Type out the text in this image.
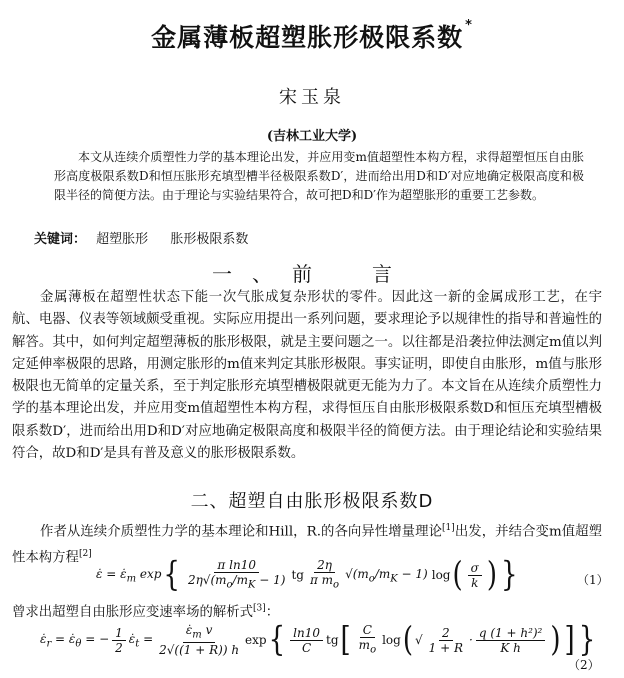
金属薄板超塑胀形极限系数 *
宋玉泉
(吉林工业大学)
本文从连续介质塑性力学的基本理论出发，并应用变m值超塑性本构方程，求得超塑恒压自由胀形高度极限系数D和恒压胀形充填型槽半径极限系数D′，进而给出用D和D′对应地确定极限高度和极限半径的简便方法。由于理论与实验结果符合，故可把D和D′作为超塑胀形的重要工艺参数。
关键词： 超塑胀形 胀形极限系数
一、前　言
金属薄板在超塑性状态下能一次气胀成复杂形状的零件。因此这一新的金属成形工艺，在宇航、电器、仪表等领域颇受重视。实际应用提出一系列问题，要求理论予以规律性的指导和普遍性的解答。其中，如何判定超塑薄板的胀形极限，就是主要问题之一。以往都是沿袭拉伸法测定m值以判定延伸率极限的思路，用测定胀形的m值来判定其胀形极限。事实证明，即使自由胀形，m值与胀形极限也无简单的定量关系，至于判定胀形充填型槽极限就更无能为力了。本文旨在从连续介质塑性力学的基本理论出发，并应用变m值超塑性本构方程，求得恒压自由胀形极限系数D和恒压充填型槽极限系数D′，进而给出用D和D′对应地确定极限高度和极限半径的简便方法。由于理论结论和实验结果符合，故D和D′是具有普及意义的胀形极限系数。
二、超塑自由胀形极限系数D
作者从连续介质塑性力学的基本理论和Hill，R.的各向异性增量理论[1]出发，并结合变m值超塑性本构方程[2]
ε̇ = $\varepsiloṅ_m$ exp { $\frac{\text{π ln10}}{2\eta√(m_o/m_K - 1)}$ tg $\frac{2\eta}{\pi m_o} √(m_o/m_K - 1)$ log ( $\frac{\sigma}{k}$ ) }	（1）
曾求出超塑自由胀形应变速率场的解析式[3]：
$\varepsiloṅ_r$ = $\varepsiloṅ_\theta$ = − $\frac{1}{2}$ $\varepsiloṅ_t = \frac{\varepsiloṅ_m v}{2√((1 + R)) h}$ exp { $\frac{\ln 10}{C}$ tg [ $\frac{C}{m_o}$ log ( √ $\frac{2}{1 + R} \cdot \frac{\text{q (1 + h²)²}}{\text{K h}}$ ) ] }
（2）
